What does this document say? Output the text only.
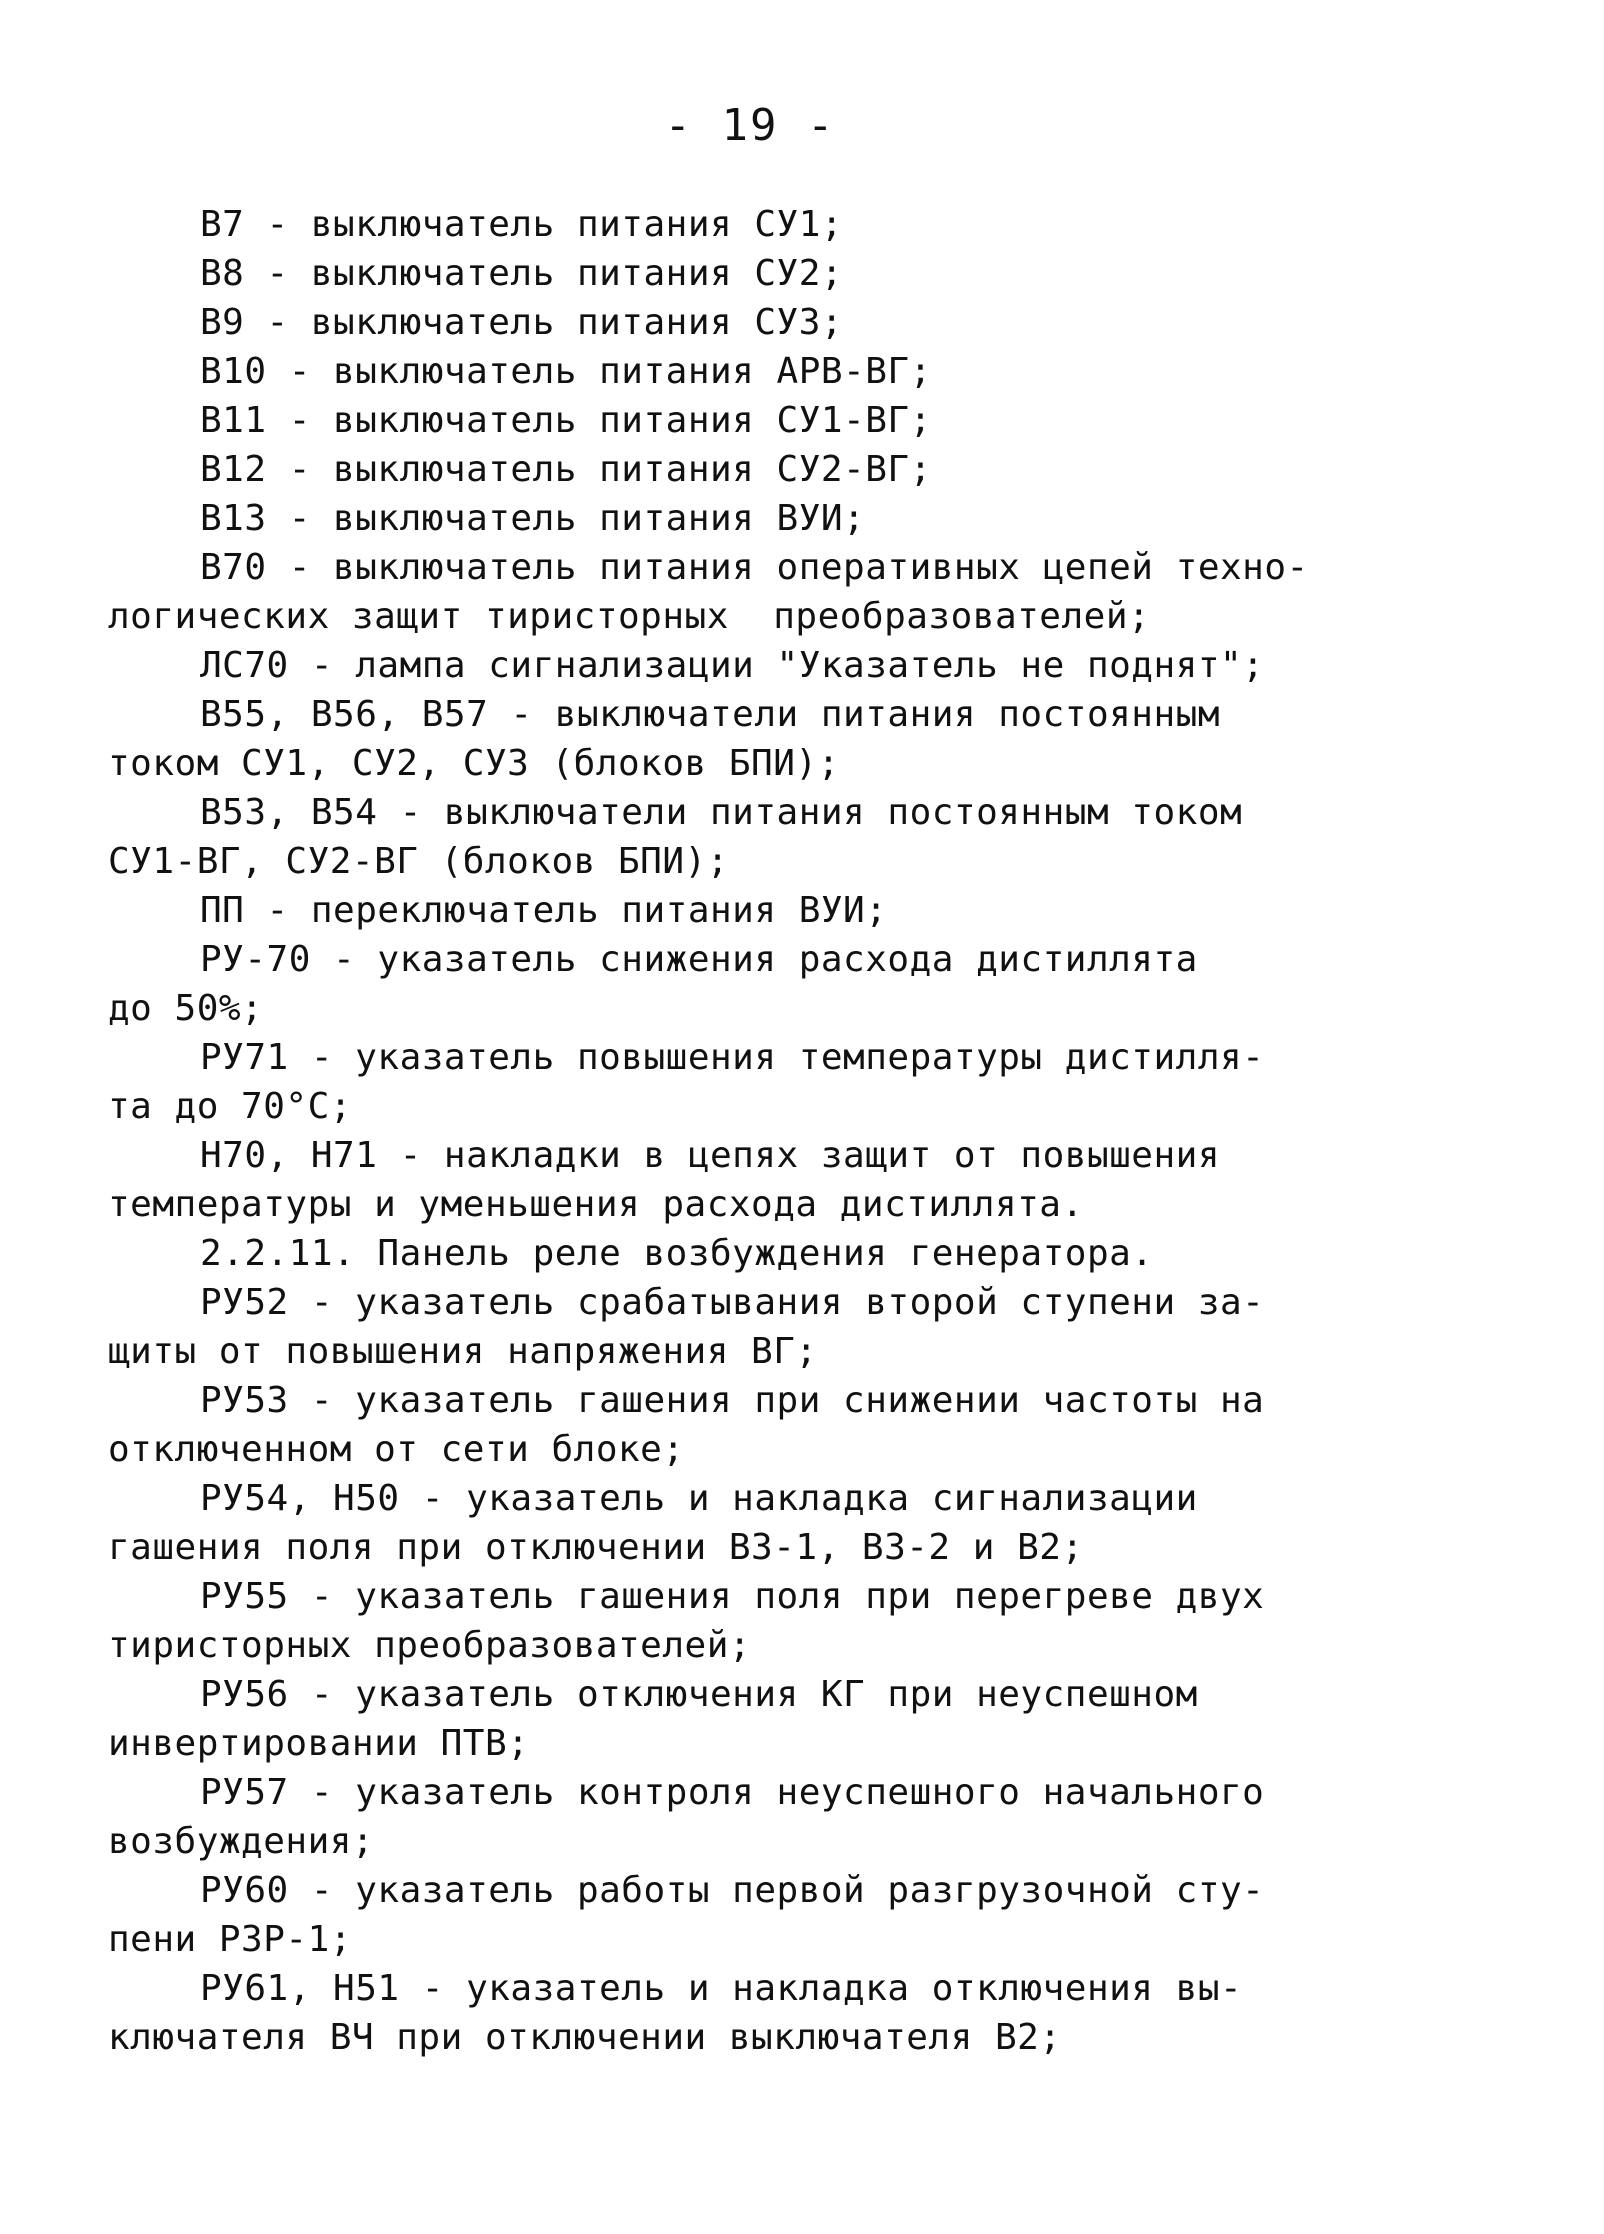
- 19 -

В7 - выключатель питания СУ1;

В8 - выключатель питания СУ2;

В9 - выключатель питания СУ3;

В10 - выключатель питания АРВ-ВГ;

В11 - выключатель питания СУ1-ВГ;

В12 - выключатель питания СУ2-ВГ;

В13 - выключатель питания ВУИ;

В70 - выключатель питания оперативных цепей техно-
логических защит тиристорных  преобразователей;

ЛС70 - лампа сигнализации "Указатель не поднят";

В55, В56, В57 - выключатели питания постоянным
током СУ1, СУ2, СУ3 (блоков БПИ);

В53, В54 - выключатели питания постоянным током
СУ1-ВГ, СУ2-ВГ (блоков БПИ);

ПП - переключатель питания ВУИ;

РУ-70 - указатель снижения расхода дистиллята
до 50%;

РУ71 - указатель повышения температуры дистилля-
та до 70°С;

Н70, Н71 - накладки в цепях защит от повышения
температуры и уменьшения расхода дистиллята.

2.2.11. Панель реле возбуждения генератора.

РУ52 - указатель срабатывания второй ступени за-
щиты от повышения напряжения ВГ;

РУ53 - указатель гашения при снижении частоты на
отключенном от сети блоке;

РУ54, Н50 - указатель и накладка сигнализации
гашения поля при отключении В3-1, В3-2 и В2;

РУ55 - указатель гашения поля при перегреве двух
тиристорных преобразователей;

РУ56 - указатель отключения КГ при неуспешном
инвертировании ПТВ;

РУ57 - указатель контроля неуспешного начального
возбуждения;

РУ60 - указатель работы первой разгрузочной сту-
пени РЗР-1;

РУ61, Н51 - указатель и накладка отключения вы-
ключателя ВЧ при отключении выключателя В2;
